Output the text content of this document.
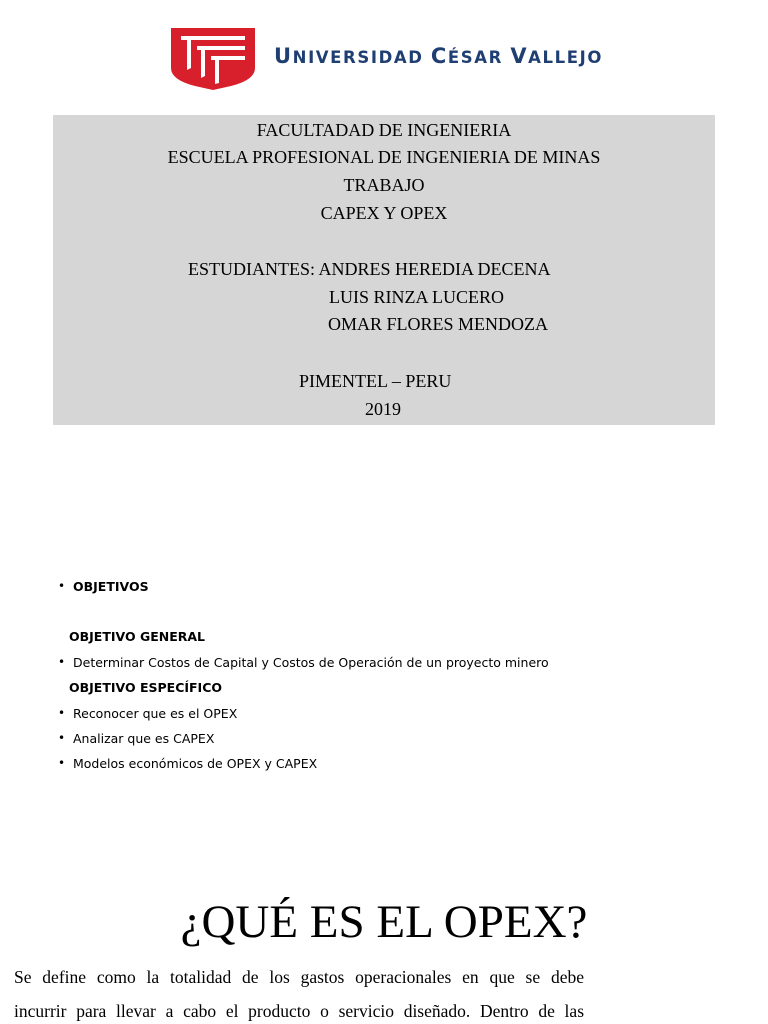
UNIVERSIDAD CÉSAR VALLEJO
FACULTADAD DE INGENIERIA
ESCUELA PROFESIONAL DE INGENIERIA DE MINAS
TRABAJO
CAPEX Y OPEX
ESTUDIANTES: ANDRES HEREDIA DECENA
LUIS RINZA LUCERO
OMAR FLORES MENDOZA
PIMENTEL – PERU
2019
• OBJETIVOS
OBJETIVO GENERAL
• Determinar Costos de Capital y Costos de Operación de un proyecto minero
OBJETIVO ESPECÍFICO
• Reconocer que es el OPEX
• Analizar que es CAPEX
• Modelos económicos de OPEX y CAPEX
¿QUÉ ES EL OPEX?
Se define como la totalidad de los gastos operacionales en que se debe
incurrir para llevar a cabo el producto o servicio diseñado. Dentro de las
